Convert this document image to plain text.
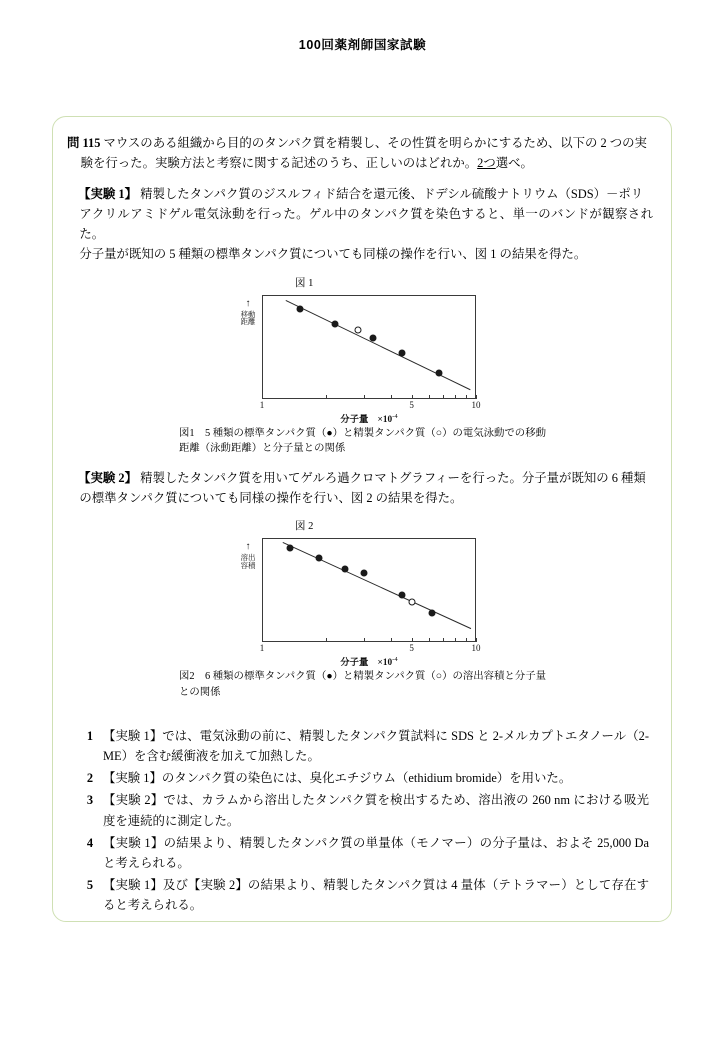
100回薬剤師国家試験
問 115 マウスのある組織から目的のタンパク質を精製し、その性質を明らかにするため、以下の 2 つの実
験を行った。実験方法と考察に関する記述のうち、正しいのはどれか。2つ選べ。
【実験 1】 精製したタンパク質のジスルフィド結合を還元後、ドデシル硫酸ナトリウム（SDS）－ポリ
アクリルアミドゲル電気泳動を行った。ゲル中のタンパク質を染色すると、単一のバンドが観察された。
分子量が既知の 5 種類の標準タンパク質についても同様の操作を行い、図 1 の結果を得た。
図 1
↑
移動距離
分子量　$\times 10^{-4}$
1	5	10
図1　5 種類の標準タンパク質（●）と精製タンパク質（○）の電気泳動での移動
距離（泳動距離）と分子量との関係
【実験 2】 精製したタンパク質を用いてゲルろ過クロマトグラフィーを行った。分子量が既知の 6 種類
の標準タンパク質についても同様の操作を行い、図 2 の結果を得た。
図 2
↑
溶出容積
分子量　$\times 10^{-4}$
1	5	10
図2　6 種類の標準タンパク質（●）と精製タンパク質（○）の溶出容積と分子量
との関係
1 【実験 1】では、電気泳動の前に、精製したタンパク質試料に SDS と 2-メルカプトエタノール（2-ME）を含む緩衝液を加えて加熱した。
2 【実験 1】のタンパク質の染色には、臭化エチジウム（ethidium bromide）を用いた。
3 【実験 2】では、カラムから溶出したタンパク質を検出するため、溶出液の 260 nm における吸光度を連続的に測定した。
4 【実験 1】の結果より、精製したタンパク質の単量体（モノマー）の分子量は、およそ 25,000 Da と考えられる。
5 【実験 1】及び【実験 2】の結果より、精製したタンパク質は 4 量体（テトラマー）として存在すると考えられる。
